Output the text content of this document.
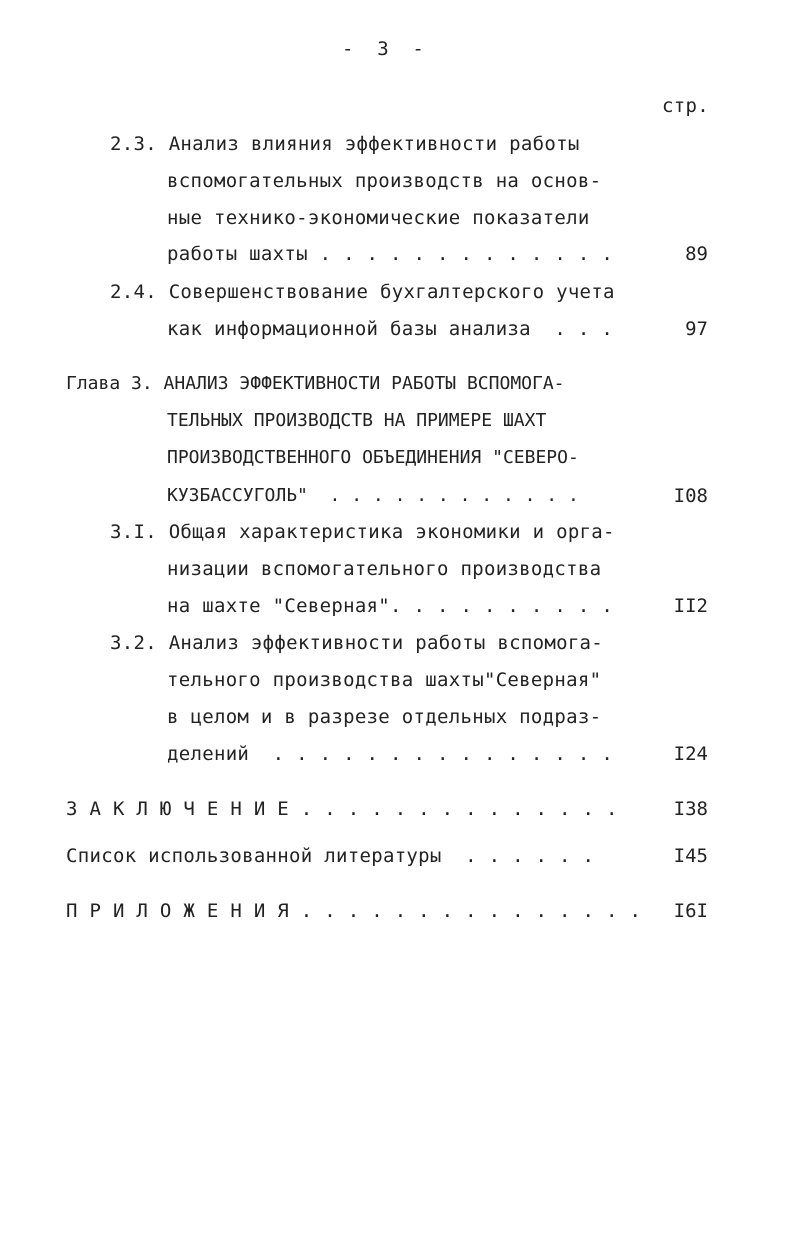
-  3  -
стр.
2.3. Анализ влияния эффективности работы
вспомогательных производств на основ-
ные технико-экономические показатели
работы шахты . . . . . . . . . . . . .	89
2.4. Совершенствование бухгалтерского учета
как информационной базы анализа  . . .	97
Глава 3. АНАЛИЗ ЭФФЕКТИВНОСТИ РАБОТЫ ВСПОМОГА-
ТЕЛЬНЫХ ПРОИЗВОДСТВ НА ПРИМЕРЕ ШАХТ
ПРОИЗВОДСТВЕННОГО ОБЪЕДИНЕНИЯ "СЕВЕРО-
КУЗБАССУГОЛЬ"  . . . . . . . . . . . .	I08
3.I. Общая характеристика экономики и орга-
низации вспомогательного производства
на шахте "Северная". . . . . . . . . .	II2
3.2. Анализ эффективности работы вспомога-
тельного производства шахты"Северная"
в целом и в разрезе отдельных подраз-
делений  . . . . . . . . . . . . . . .	I24
З А К Л Ю Ч Е Н И Е . . . . . . . . . . . . . .	I38
Список использованной литературы  . . . . . .	I45
П Р И Л О Ж Е Н И Я . . . . . . . . . . . . . . .	I6I
